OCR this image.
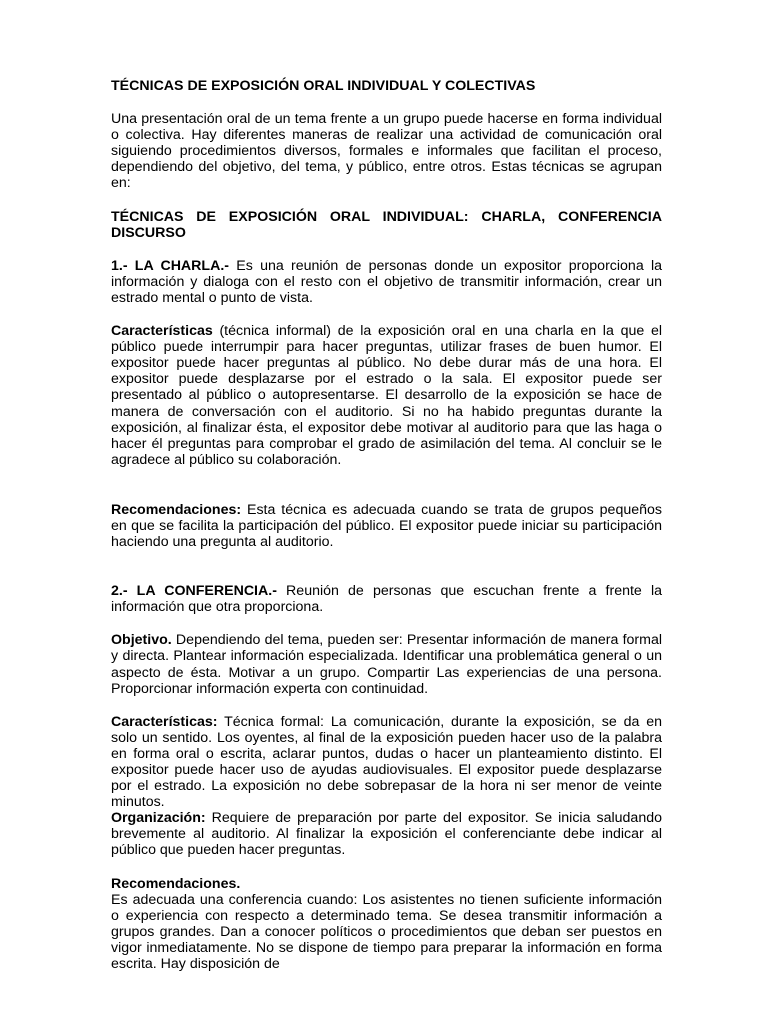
TÉCNICAS DE EXPOSICIÓN ORAL INDIVIDUAL Y COLECTIVAS

Una presentación oral de un tema frente a un grupo puede hacerse en forma individual o colectiva. Hay diferentes maneras de realizar una actividad de comunicación oral siguiendo procedimientos diversos, formales e informales que facilitan el proceso, dependiendo del objetivo, del tema, y público, entre otros. Estas técnicas se agrupan en:

TÉCNICAS DE EXPOSICIÓN ORAL INDIVIDUAL: CHARLA, CONFERENCIA DISCURSO

1.- LA CHARLA.- Es una reunión de personas donde un expositor proporciona la información y dialoga con el resto con el objetivo de transmitir información, crear un estrado mental o punto de vista.

Características (técnica informal) de la exposición oral en una charla en la que el público puede interrumpir para hacer preguntas, utilizar frases de buen humor. El expositor puede hacer preguntas al público. No debe durar más de una hora. El expositor puede desplazarse por el estrado o la sala. El expositor puede ser presentado al público o autopresentarse. El desarrollo de la exposición se hace de manera de conversación con el auditorio. Si no ha habido preguntas durante la exposición, al finalizar ésta, el expositor debe motivar al auditorio para que las haga o hacer él preguntas para comprobar el grado de asimilación del tema. Al concluir se le agradece al público su colaboración.

Recomendaciones: Esta técnica es adecuada cuando se trata de grupos pequeños en que se facilita la participación del público. El expositor puede iniciar su participación haciendo una pregunta al auditorio.

2.- LA CONFERENCIA.- Reunión de personas que escuchan frente a frente la información que otra proporciona.

Objetivo. Dependiendo del tema, pueden ser: Presentar información de manera formal y directa. Plantear información especializada. Identificar una problemática general o un aspecto de ésta. Motivar a un grupo. Compartir Las experiencias de una persona. Proporcionar información experta con continuidad.

Características: Técnica formal: La comunicación, durante la exposición, se da en solo un sentido. Los oyentes, al final de la exposición pueden hacer uso de la palabra en forma oral o escrita, aclarar puntos, dudas o hacer un planteamiento distinto. El expositor puede hacer uso de ayudas audiovisuales. El expositor puede desplazarse por el estrado. La exposición no debe sobrepasar de la hora ni ser menor de veinte minutos.

Organización: Requiere de preparación por parte del expositor. Se inicia saludando brevemente al auditorio. Al finalizar la exposición el conferenciante debe indicar al público que pueden hacer preguntas.

Recomendaciones.

Es adecuada una conferencia cuando: Los asistentes no tienen suficiente información o experiencia con respecto a determinado tema. Se desea transmitir información a grupos grandes. Dan a conocer políticos o procedimientos que deban ser puestos en vigor inmediatamente. No se dispone de tiempo para preparar la información en forma escrita. Hay disposición de
